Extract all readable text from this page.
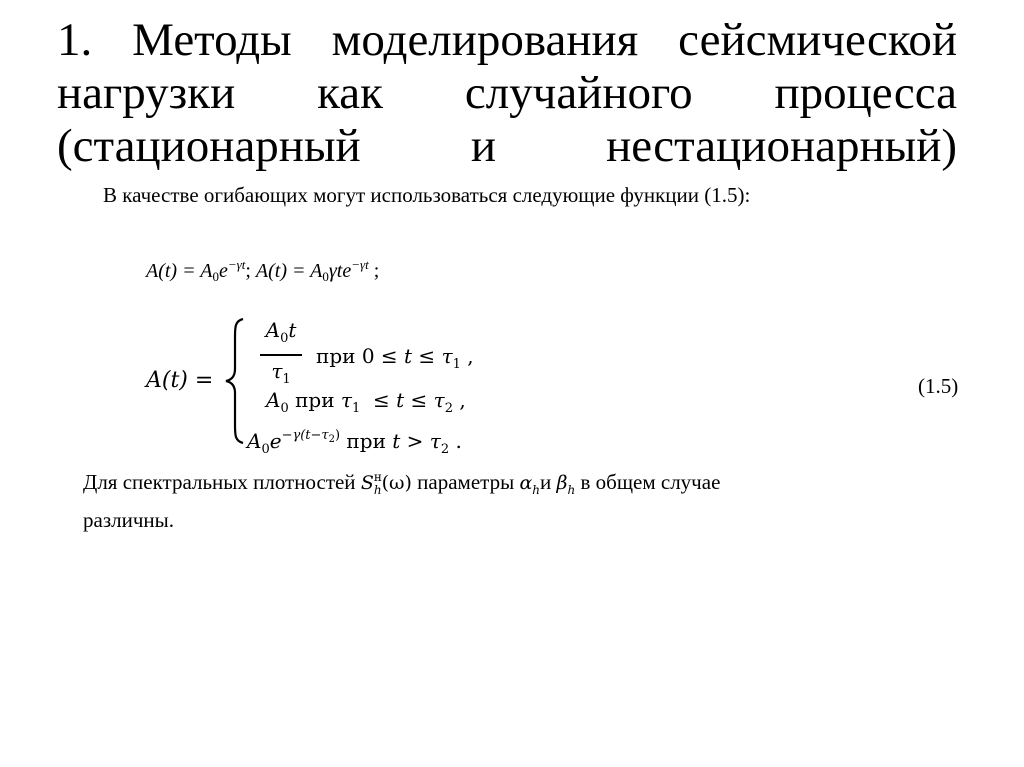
1. Методы моделирования сейсмической
нагрузки как случайного процесса
(стационарный и нестационарный)
В качестве огибающих могут использоваться следующие функции (1.5):
$A(t) = A_0e^{-\gamma t}$; $A(t) = A_0\gamma te^{-\gamma t}$ ;
A(t) =
$A_0t$
$\tau_1$
при $0 \le t \le \tau_1$ ,
$A_0$ при $\tau_1 \le t \le \tau_2$ ,
$A_0e^{-\gamma(t-\tau_2)}$ при $t > \tau_2$ .
(1.5)
Для спектральных плотностей $S^н_h(\omega)$ параметры $\alpha_hи$ $\beta_h$ в общем случае
различны.
